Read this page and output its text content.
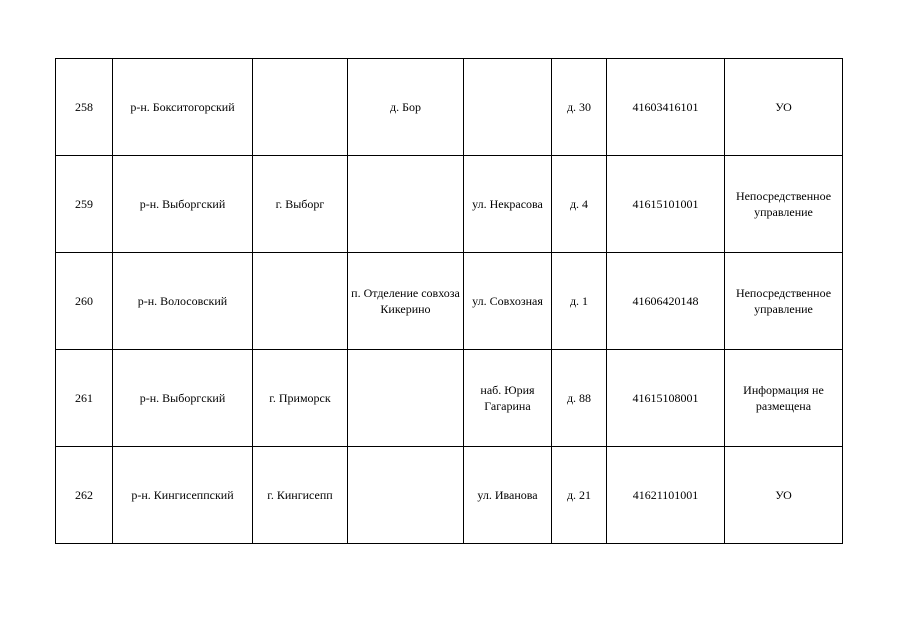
258	р-н. Бокситогорский		д. Бор		д. 30	41603416101	УО
259	р-н. Выборгский	г. Выборг		ул. Некрасова	д. 4	41615101001	Непосредственное управление
260	р-н. Волосовский		п. Отделение совхоза Кикерино	ул. Совхозная	д. 1	41606420148	Непосредственное управление
261	р-н. Выборгский	г. Приморск		наб. Юрия Гагарина	д. 88	41615108001	Информация не размещена
262	р-н. Кингисеппский	г. Кингисепп		ул. Иванова	д. 21	41621101001	УО
